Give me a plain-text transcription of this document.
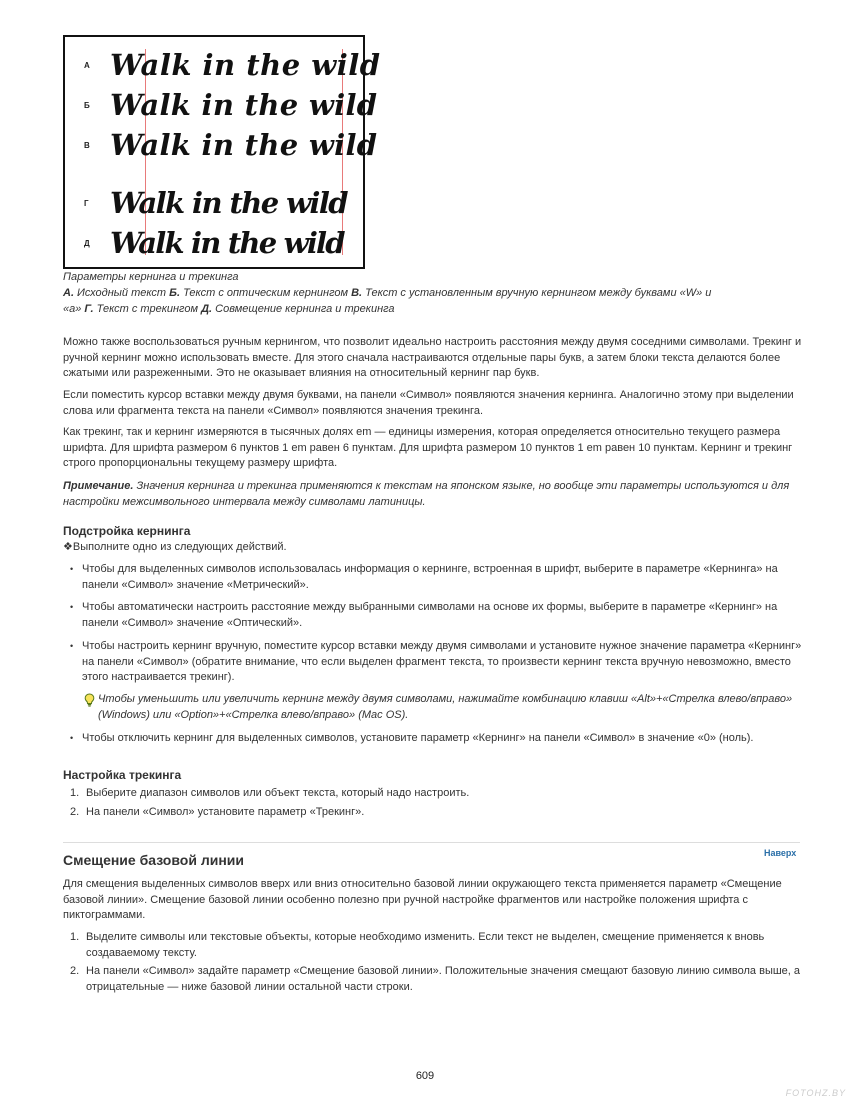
А Walk in the wild
Б Walk in the wild
В Walk in the wild
Г Walk in the wild
Д Walk in the wild
Параметры кернинга и трекинга
А. Исходный текст Б. Текст с оптическим кернингом В. Текст с установленным вручную кернингом между буквами «W» и
«а» Г. Текст с трекингом Д. Совмещение кернинга и трекинга
Можно также воспользоваться ручным кернингом, что позволит идеально настроить расстояния между двумя соседними символами. Трекинг и ручной кернинг можно использовать вместе. Для этого сначала настраиваются отдельные пары букв, а затем блоки текста делаются более сжатыми или разреженными. Это не оказывает влияния на относительный кернинг пар букв.
Если поместить курсор вставки между двумя буквами, на панели «Символ» появляются значения кернинга. Аналогично этому при выделении слова или фрагмента текста на панели «Символ» появляются значения трекинга.
Как трекинг, так и кернинг измеряются в тысячных долях em — единицы измерения, которая определяется относительно текущего размера шрифта. Для шрифта размером 6 пунктов 1 em равен 6 пунктам. Для шрифта размером 10 пунктов 1 em равен 10 пунктам. Кернинг и трекинг строго пропорциональны текущему размеру шрифта.
Примечание. Значения кернинга и трекинга применяются к текстам на японском языке, но вообще эти параметры используются и для настройки межсимвольного интервала между символами латиницы.
Подстройка кернинга
❖Выполните одно из следующих действий.
• Чтобы для выделенных символов использовалась информация о кернинге, встроенная в шрифт, выберите в параметре «Кернинга» на панели «Символ» значение «Метрический».
• Чтобы автоматически настроить расстояние между выбранными символами на основе их формы, выберите в параметре «Кернинг» на панели «Символ» значение «Оптический».
• Чтобы настроить кернинг вручную, поместите курсор вставки между двумя символами и установите нужное значение параметра «Кернинг» на панели «Символ» (обратите внимание, что если выделен фрагмент текста, то произвести кернинг текста вручную невозможно, вместо этого настраивается трекинг).
Чтобы уменьшить или увеличить кернинг между двумя символами, нажимайте комбинацию клавиш «Alt»+«Стрелка влево/вправо» (Windows) или «Option»+«Стрелка влево/вправо» (Mac OS).
• Чтобы отключить кернинг для выделенных символов, установите параметр «Кернинг» на панели «Символ» в значение «0» (ноль).
Настройка трекинга
1. Выберите диапазон символов или объект текста, который надо настроить.
2. На панели «Символ» установите параметр «Трекинг».
Наверх
Смещение базовой линии
Для смещения выделенных символов вверх или вниз относительно базовой линии окружающего текста применяется параметр «Смещение базовой линии». Смещение базовой линии особенно полезно при ручной настройке фрагментов или настройке положения шрифта с пиктограммами.
1. Выделите символы или текстовые объекты, которые необходимо изменить. Если текст не выделен, смещение применяется к вновь создаваемому тексту.
2. На панели «Символ» задайте параметр «Смещение базовой линии». Положительные значения смещают базовую линию символа выше, а отрицательные — ниже базовой линии остальной части строки.
609
FOTOHZ.BY
